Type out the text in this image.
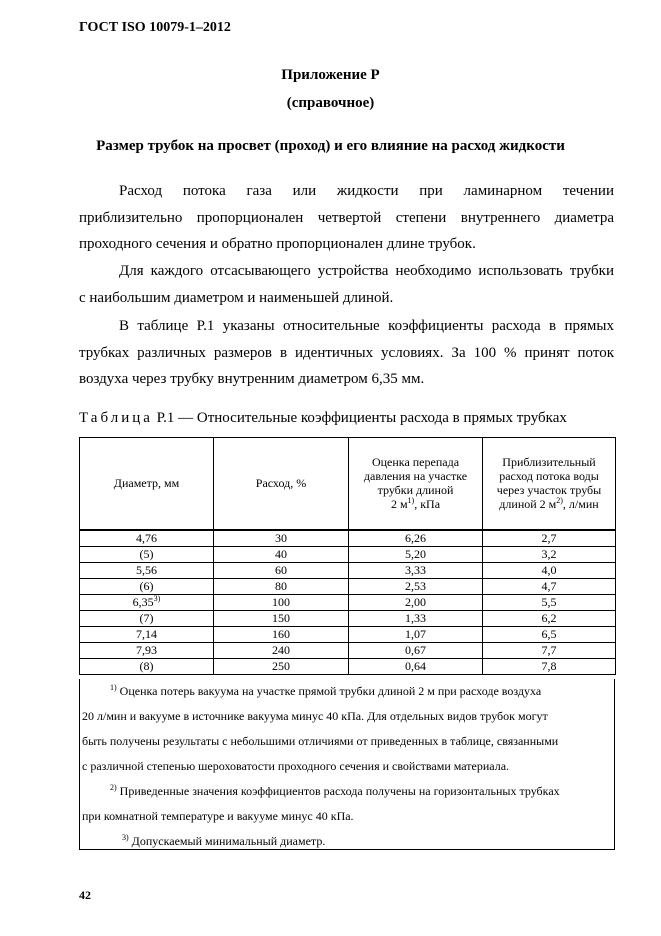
ГОСТ ISO 10079-1–2012
Приложение Р
(справочное)
Размер трубок на просвет (проход) и его влияние на расход жидкости
Расход потока газа или жидкости при ламинарном течении
приблизительно пропорционален четвертой степени внутреннего диаметра
проходного сечения и обратно пропорционален длине трубок.
Для каждого отсасывающего устройства необходимо использовать трубки
с наибольшим диаметром и наименьшей длиной.
В таблице Р.1 указаны относительные коэффициенты расхода в прямых
трубках различных размеров в идентичных условиях. За 100 % принят поток
воздуха через трубку внутренним диаметром 6,35 мм.
Таблица Р.1 — Относительные коэффициенты расхода в прямых трубках
Диаметр, мм	Расход, %	Оценка перепада давления на участке трубки длиной
2 $м^{1)}$, кПа	Приблизительный расход потока воды через участок трубы длиной 2 $м^{2)}$, л/мин
4,76	30	6,26	2,7
(5)	40	5,20	3,2
5,56	60	3,33	4,0
(6)	80	2,53	4,7
6,35$^{3)}$	100	2,00	5,5
(7)	150	1,33	6,2
7,14	160	1,07	6,5
7,93	240	0,67	7,7
(8)	250	0,64	7,8
$^{1)}$ Оценка потерь вакуума на участке прямой трубки длиной 2 м при расходе воздуха
20 л/мин и вакууме в источнике вакуума минус 40 кПа. Для отдельных видов трубок могут
быть получены результаты с небольшими отличиями от приведенных в таблице, связанными
с различной степенью шероховатости проходного сечения и свойствами материала.
$^{2)}$ Приведенные значения коэффициентов расхода получены на горизонтальных трубках
при комнатной температуре и вакууме минус 40 кПа.
$^{3)}$ Допускаемый минимальный диаметр.
42
